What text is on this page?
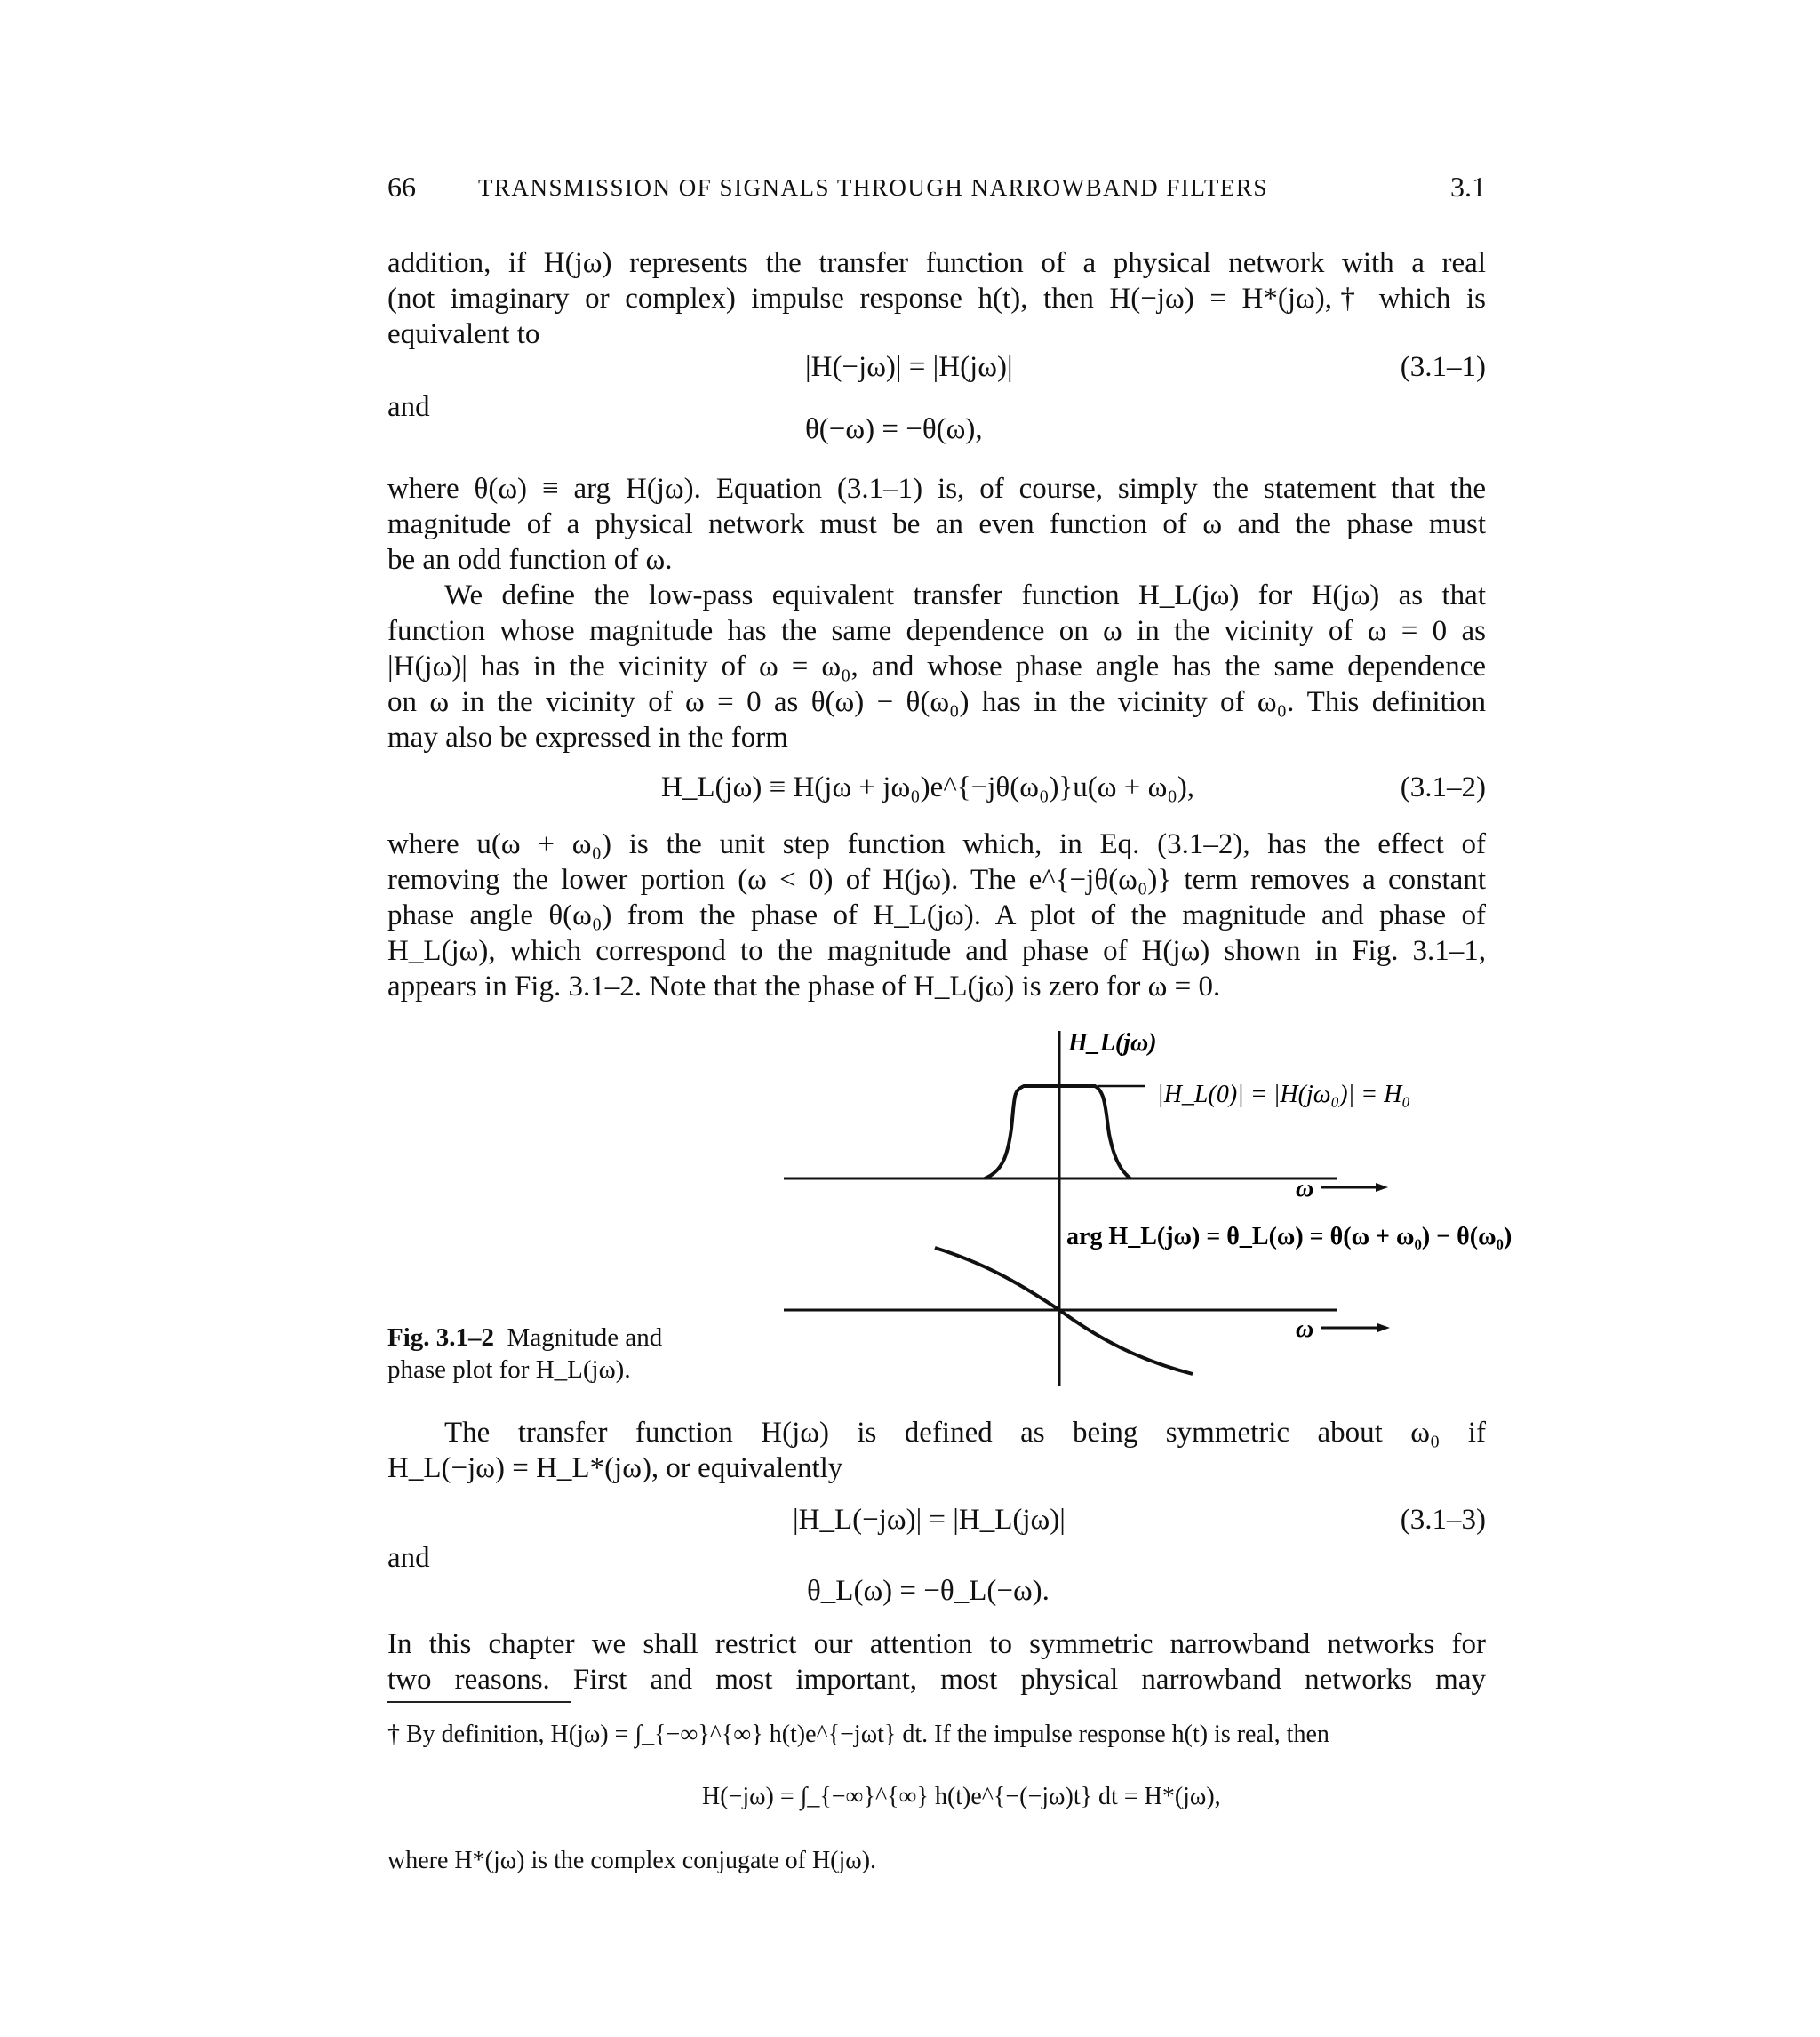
66	TRANSMISSION OF SIGNALS THROUGH NARROWBAND FILTERS	3.1
addition, if H(jω) represents the transfer function of a physical network with a real
(not imaginary or complex) impulse response h(t), then H(−jω) = H*(jω),† which is
equivalent to
|H(−jω)| = |H(jω)|	(3.1–1)
and
θ(−ω) = −θ(ω),
where θ(ω) ≡ arg H(jω). Equation (3.1–1) is, of course, simply the statement that the
magnitude of a physical network must be an even function of ω and the phase must
be an odd function of ω.
We define the low-pass equivalent transfer function H_L(jω) for H(jω) as that
function whose magnitude has the same dependence on ω in the vicinity of ω = 0 as
|H(jω)| has in the vicinity of ω = ω₀, and whose phase angle has the same dependence
on ω in the vicinity of ω = 0 as θ(ω) − θ(ω₀) has in the vicinity of ω₀. This definition
may also be expressed in the form
H_L(jω) ≡ H(jω + jω₀)e^{−jθ(ω₀)}u(ω + ω₀),	(3.1–2)
where u(ω + ω₀) is the unit step function which, in Eq. (3.1–2), has the effect of
removing the lower portion (ω < 0) of H(jω). The e^{−jθ(ω₀)} term removes a constant
phase angle θ(ω₀) from the phase of H_L(jω). A plot of the magnitude and phase of
H_L(jω), which correspond to the magnitude and phase of H(jω) shown in Fig. 3.1–1,
appears in Fig. 3.1–2. Note that the phase of H_L(jω) is zero for ω = 0.
H_L(jω)
|H_L(0)| = |H(jω₀)| = H₀
ω
arg H_L(jω) = θ_L(ω) = θ(ω + ω₀) − θ(ω₀)
ω
Fig. 3.1–2 Magnitude and
phase plot for H_L(jω).
The transfer function H(jω) is defined as being symmetric about ω₀ if
H_L(−jω) = H_L*(jω), or equivalently
|H_L(−jω)| = |H_L(jω)|	(3.1–3)
and
θ_L(ω) = −θ_L(−ω).
In this chapter we shall restrict our attention to symmetric narrowband networks for
two reasons. First and most important, most physical narrowband networks may
† By definition, H(jω) = ∫_{−∞}^{∞} h(t)e^{−jωt} dt. If the impulse response h(t) is real, then
H(−jω) = ∫_{−∞}^{∞} h(t)e^{−(−jω)t} dt = H*(jω),
where H*(jω) is the complex conjugate of H(jω).
